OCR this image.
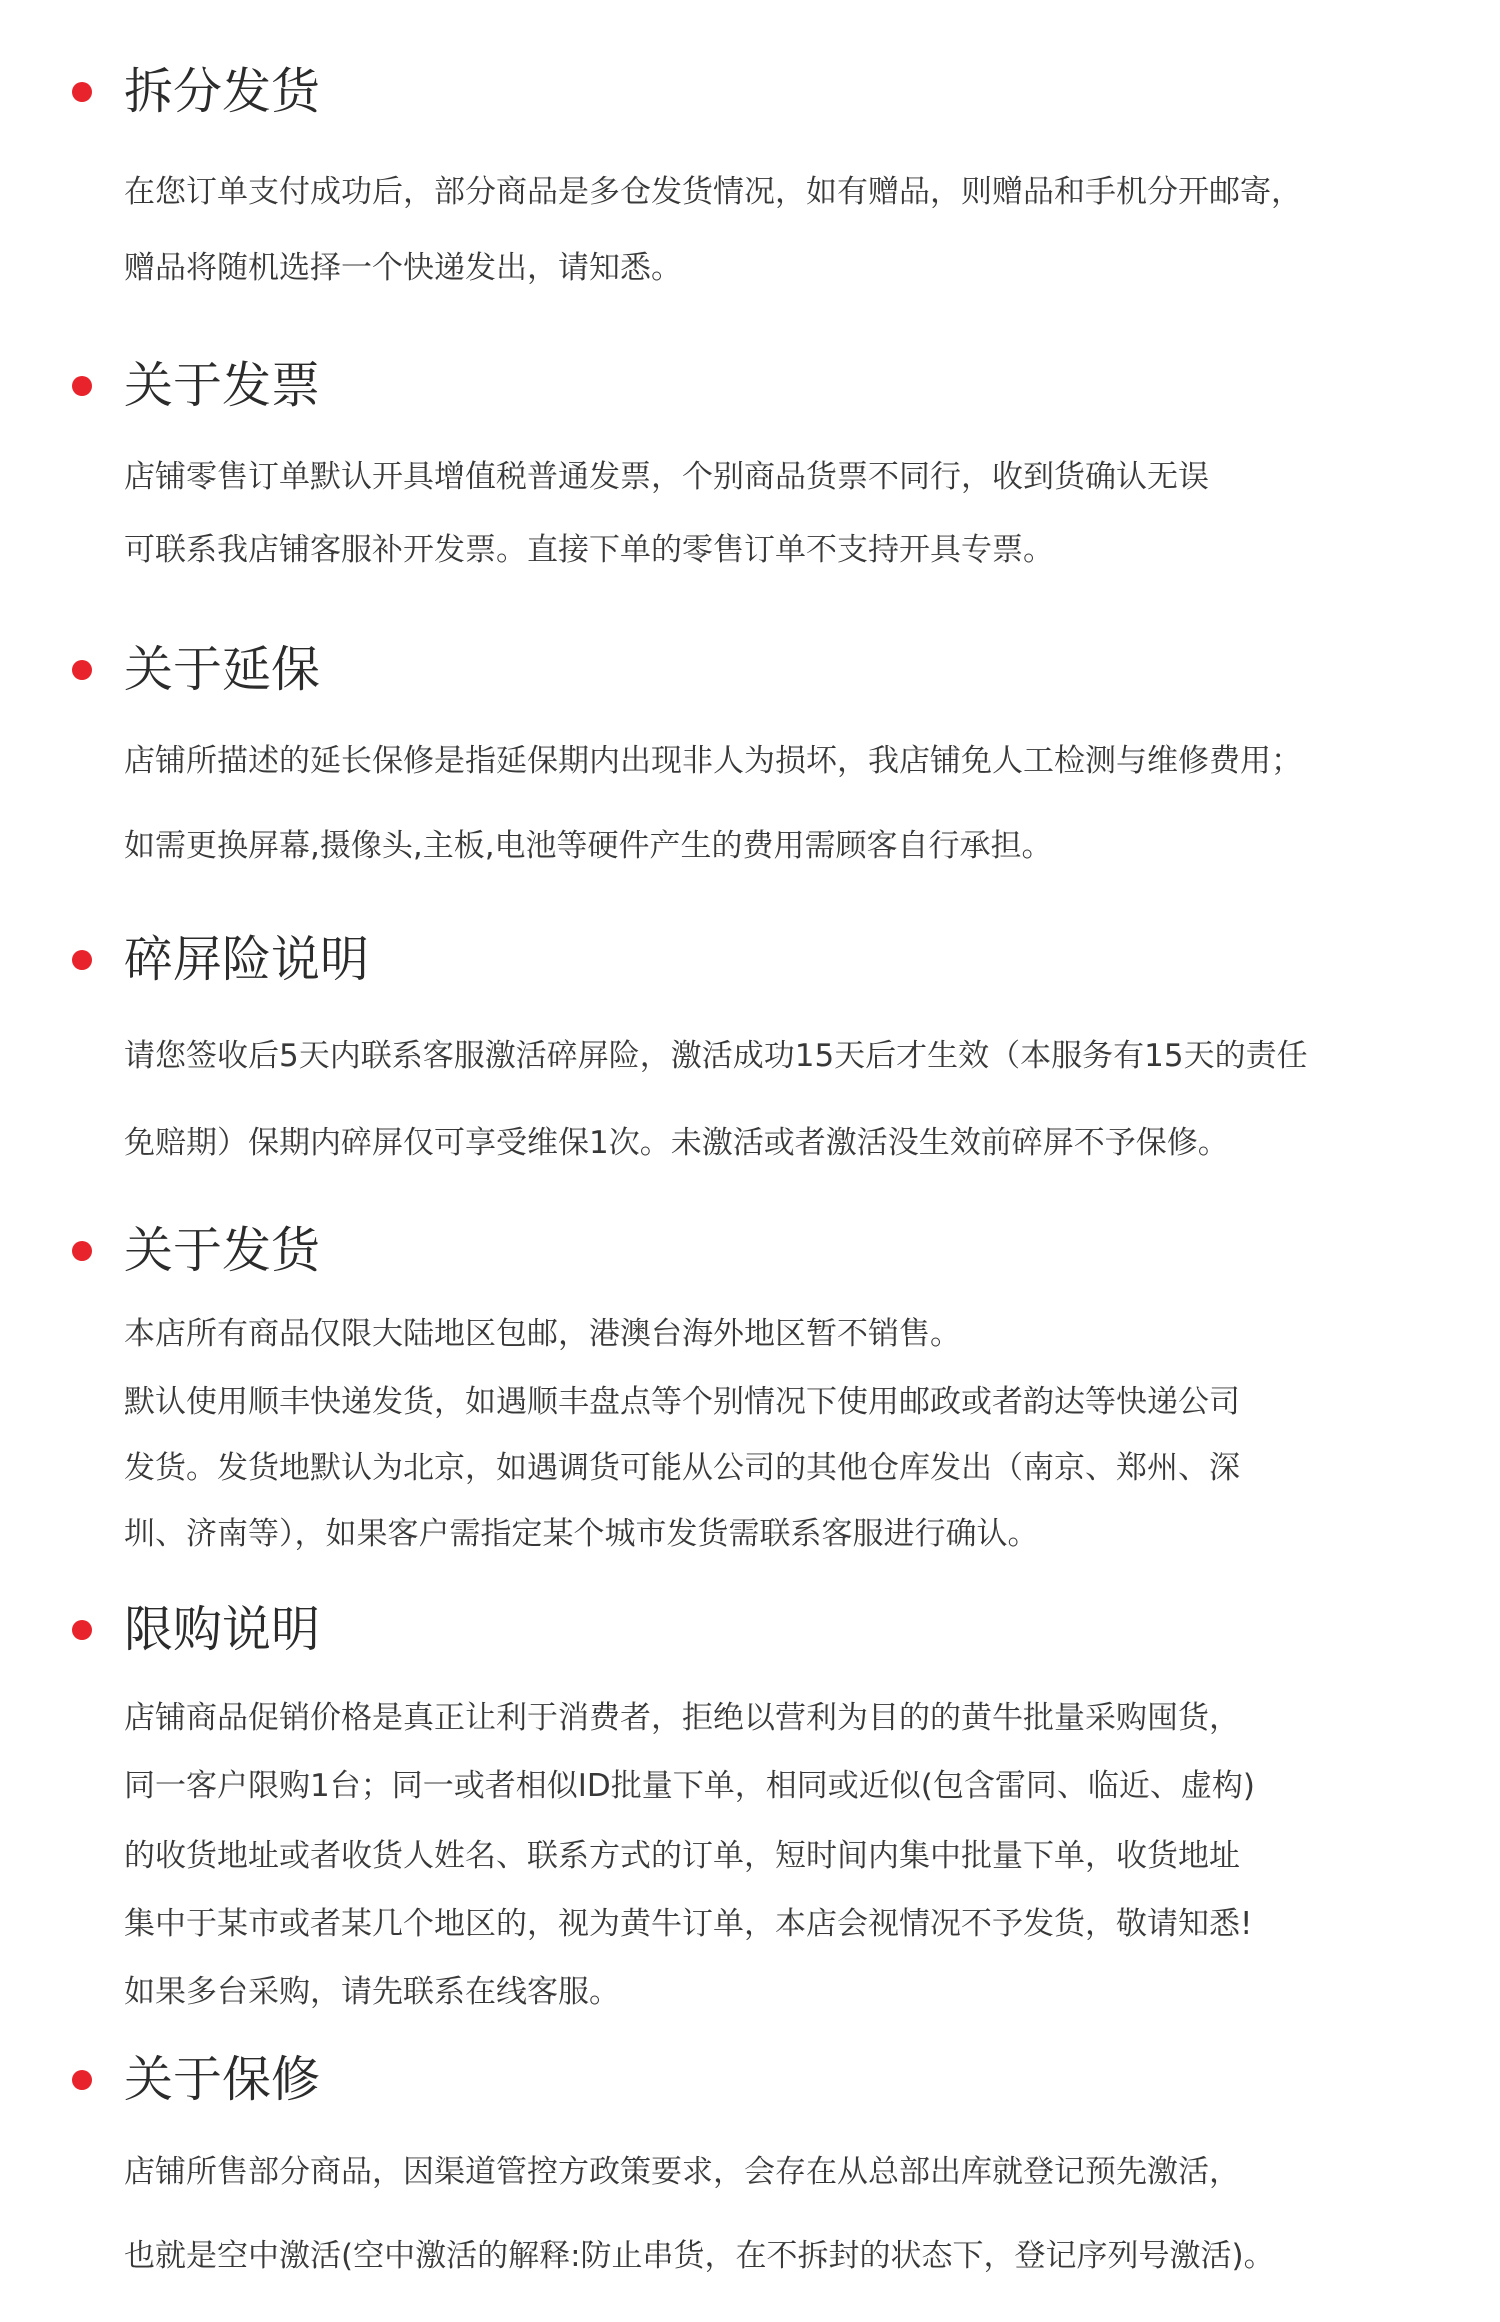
拆分发货
在您订单支付成功后，部分商品是多仓发货情况，如有赠品，则赠品和手机分开邮寄，
赠品将随机选择一个快递发出，请知悉。
关于发票
店铺零售订单默认开具增值税普通发票，个别商品货票不同行，收到货确认无误
可联系我店铺客服补开发票。直接下单的零售订单不支持开具专票。
关于延保
店铺所描述的延长保修是指延保期内出现非人为损坏，我店铺免人工检测与维修费用；
如需更换屏幕,摄像头,主板,电池等硬件产生的费用需顾客自行承担。
碎屏险说明
请您签收后5天内联系客服激活碎屏险，激活成功15天后才生效（本服务有15天的责任
免赔期）保期内碎屏仅可享受维保1次。未激活或者激活没生效前碎屏不予保修。
关于发货
本店所有商品仅限大陆地区包邮，港澳台海外地区暂不销售。
默认使用顺丰快递发货，如遇顺丰盘点等个别情况下使用邮政或者韵达等快递公司
发货。发货地默认为北京，如遇调货可能从公司的其他仓库发出（南京、郑州、深
圳、济南等），如果客户需指定某个城市发货需联系客服进行确认。
限购说明
店铺商品促销价格是真正让利于消费者，拒绝以营利为目的的黄牛批量采购囤货，
同一客户限购1台；同一或者相似ID批量下单，相同或近似(包含雷同、临近、虚构)
的收货地址或者收货人姓名、联系方式的订单，短时间内集中批量下单，收货地址
集中于某市或者某几个地区的，视为黄牛订单，本店会视情况不予发货，敬请知悉!
如果多台采购，请先联系在线客服。
关于保修
店铺所售部分商品，因渠道管控方政策要求，会存在从总部出库就登记预先激活，
也就是空中激活(空中激活的解释:防止串货，在不拆封的状态下，登记序列号激活)。
